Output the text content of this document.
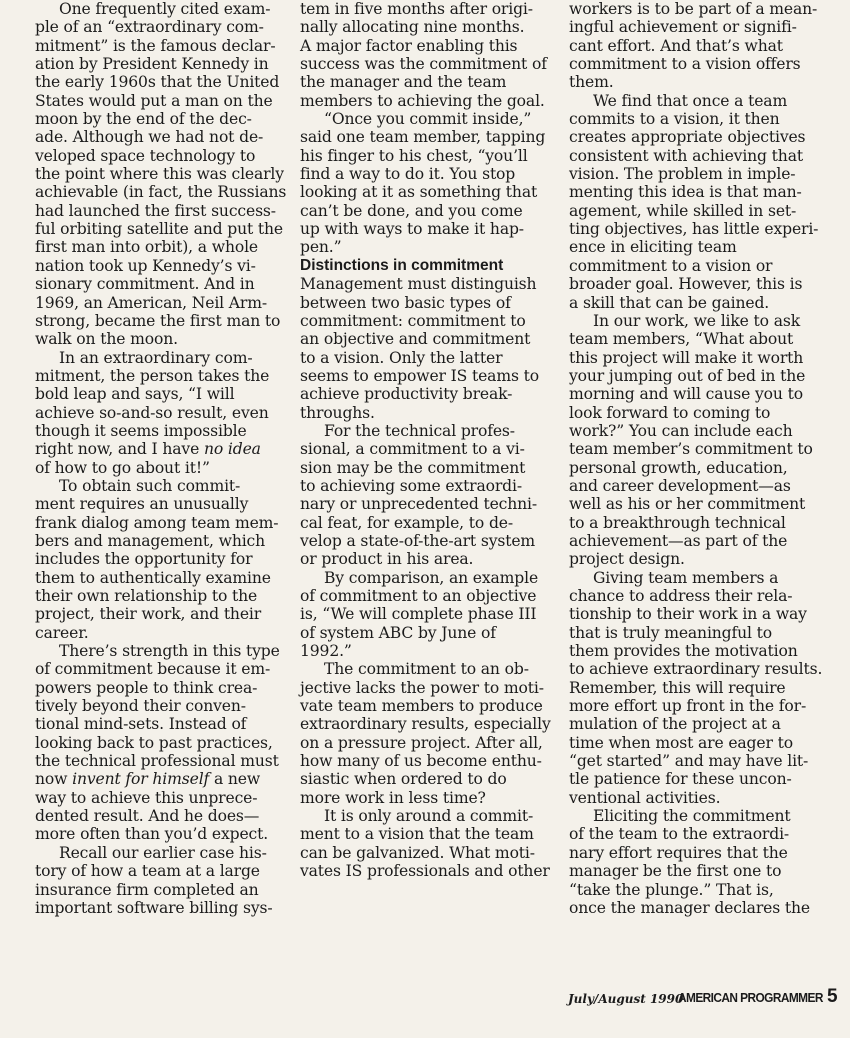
One frequently cited exam-
ple of an “extraordinary com-
mitment” is the famous declar-
ation by President Kennedy in
the early 1960s that the United
States would put a man on the
moon by the end of the dec-
ade. Although we had not de-
veloped space technology to
the point where this was clearly
achievable (in fact, the Russians
had launched the first success-
ful orbiting satellite and put the
first man into orbit), a whole
nation took up Kennedy’s vi-
sionary commitment. And in
1969, an American, Neil Arm-
strong, became the first man to
walk on the moon.

In an extraordinary com-
mitment, the person takes the
bold leap and says, “I will
achieve so-and-so result, even
though it seems impossible
right now, and I have no idea
of how to go about it!”

To obtain such commit-
ment requires an unusually
frank dialog among team mem-
bers and management, which
includes the opportunity for
them to authentically examine
their own relationship to the
project, their work, and their
career.

There’s strength in this type
of commitment because it em-
powers people to think crea-
tively beyond their conven-
tional mind-sets. Instead of
looking back to past practices,
the technical professional must
now invent for himself a new
way to achieve this unprece-
dented result. And he does—
more often than you’d expect.

Recall our earlier case his-
tory of how a team at a large
insurance firm completed an
important software billing sys-

tem in five months after origi-
nally allocating nine months.
A major factor enabling this
success was the commitment of
the manager and the team
members to achieving the goal.

“Once you commit inside,”
said one team member, tapping
his finger to his chest, “you’ll
find a way to do it. You stop
looking at it as something that
can’t be done, and you come
up with ways to make it hap-
pen.”

Distinctions in commitment

Management must distinguish
between two basic types of
commitment: commitment to
an objective and commitment
to a vision. Only the latter
seems to empower IS teams to
achieve productivity break-
throughs.

For the technical profes-
sional, a commitment to a vi-
sion may be the commitment
to achieving some extraordi-
nary or unprecedented techni-
cal feat, for example, to de-
velop a state-of-the-art system
or product in his area.

By comparison, an example
of commitment to an objective
is, “We will complete phase III
of system ABC by June of
1992.”

The commitment to an ob-
jective lacks the power to moti-
vate team members to produce
extraordinary results, especially
on a pressure project. After all,
how many of us become enthu-
siastic when ordered to do
more work in less time?

It is only around a commit-
ment to a vision that the team
can be galvanized. What moti-
vates IS professionals and other

workers is to be part of a mean-
ingful achievement or signifi-
cant effort. And that’s what
commitment to a vision offers
them.

We find that once a team
commits to a vision, it then
creates appropriate objectives
consistent with achieving that
vision. The problem in imple-
menting this idea is that man-
agement, while skilled in set-
ting objectives, has little experi-
ence in eliciting team
commitment to a vision or
broader goal. However, this is
a skill that can be gained.

In our work, we like to ask
team members, “What about
this project will make it worth
your jumping out of bed in the
morning and will cause you to
look forward to coming to
work?” You can include each
team member’s commitment to
personal growth, education,
and career development—as
well as his or her commitment
to a breakthrough technical
achievement—as part of the
project design.

Giving team members a
chance to address their rela-
tionship to their work in a way
that is truly meaningful to
them provides the motivation
to achieve extraordinary results.
Remember, this will require
more effort up front in the for-
mulation of the project at a
time when most are eager to
“get started” and may have lit-
tle patience for these uncon-
ventional activities.

Eliciting the commitment
of the team to the extraordi-
nary effort requires that the
manager be the first one to
“take the plunge.” That is,
once the manager declares the

July/August 1990
AMERICAN PROGRAMMER 5
